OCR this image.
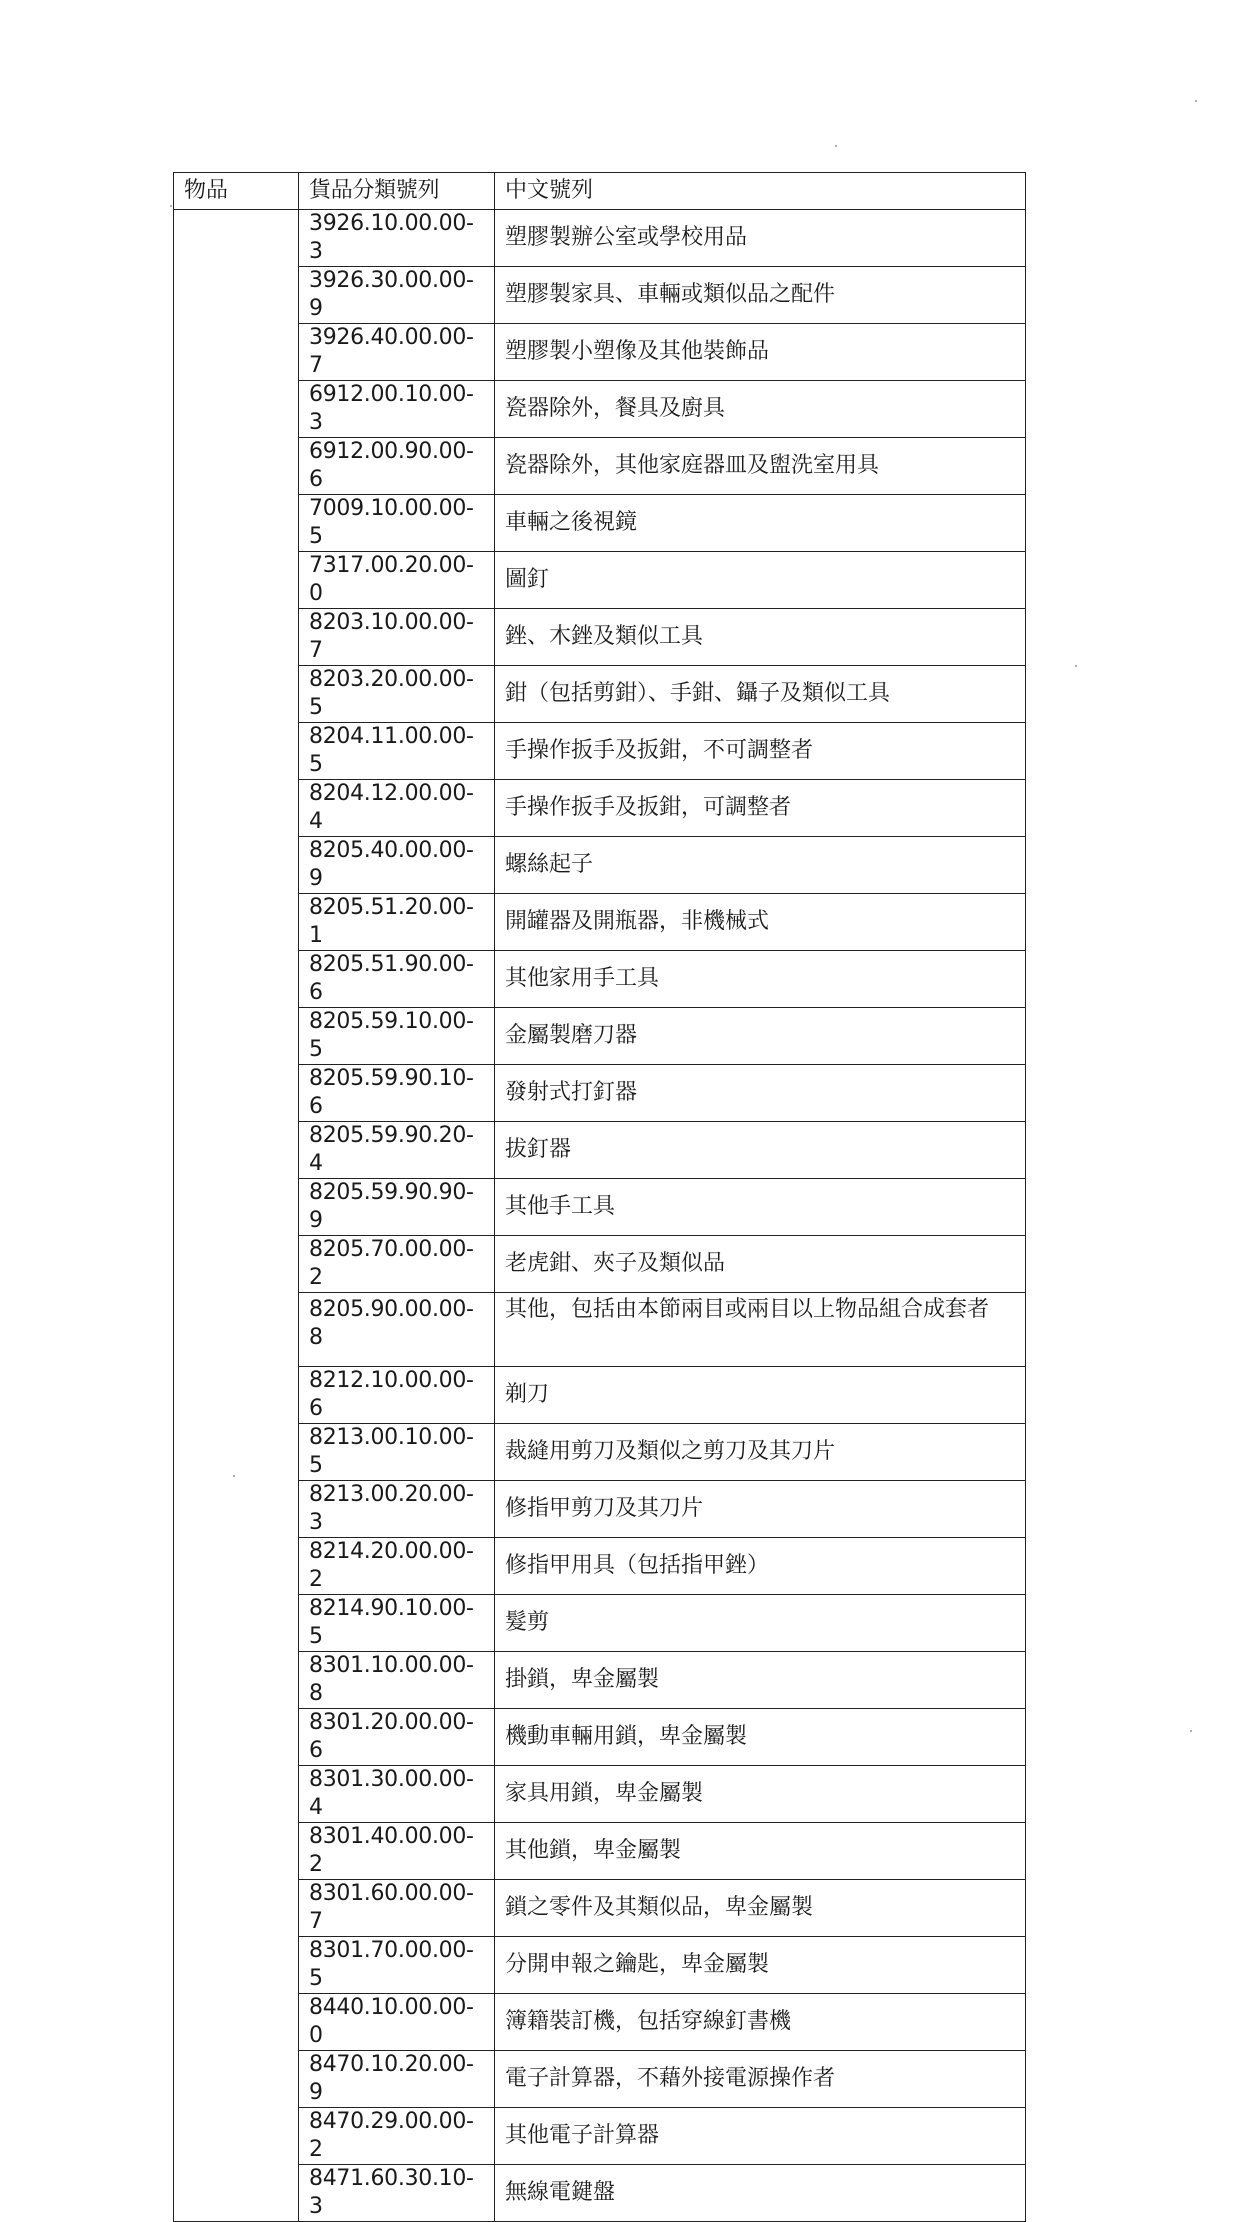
物品	貨品分類號列	中文號列
	3926.10.00.00-3	塑膠製辦公室或學校用品
	3926.30.00.00-9	塑膠製家具、車輛或類似品之配件
	3926.40.00.00-7	塑膠製小塑像及其他裝飾品
	6912.00.10.00-3	瓷器除外，餐具及廚具
	6912.00.90.00-6	瓷器除外，其他家庭器皿及盥洗室用具
	7009.10.00.00-5	車輛之後視鏡
	7317.00.20.00-0	圖釘
	8203.10.00.00-7	銼、木銼及類似工具
	8203.20.00.00-5	鉗（包括剪鉗）、手鉗、鑷子及類似工具
	8204.11.00.00-5	手操作扳手及扳鉗，不可調整者
	8204.12.00.00-4	手操作扳手及扳鉗，可調整者
	8205.40.00.00-9	螺絲起子
	8205.51.20.00-1	開罐器及開瓶器，非機械式
	8205.51.90.00-6	其他家用手工具
	8205.59.10.00-5	金屬製磨刀器
	8205.59.90.10-6	發射式打釘器
	8205.59.90.20-4	拔釘器
	8205.59.90.90-9	其他手工具
	8205.70.00.00-2	老虎鉗、夾子及類似品
	8205.90.00.00-8	其他，包括由本節兩目或兩目以上物品組合成套者
	8212.10.00.00-6	剃刀
	8213.00.10.00-5	裁縫用剪刀及類似之剪刀及其刀片
	8213.00.20.00-3	修指甲剪刀及其刀片
	8214.20.00.00-2	修指甲用具（包括指甲銼）
	8214.90.10.00-5	髮剪
	8301.10.00.00-8	掛鎖，卑金屬製
	8301.20.00.00-6	機動車輛用鎖，卑金屬製
	8301.30.00.00-4	家具用鎖，卑金屬製
	8301.40.00.00-2	其他鎖，卑金屬製
	8301.60.00.00-7	鎖之零件及其類似品，卑金屬製
	8301.70.00.00-5	分開申報之鑰匙，卑金屬製
	8440.10.00.00-0	簿籍裝訂機，包括穿線釘書機
	8470.10.20.00-9	電子計算器，不藉外接電源操作者
	8470.29.00.00-2	其他電子計算器
	8471.60.30.10-3	無線電鍵盤
